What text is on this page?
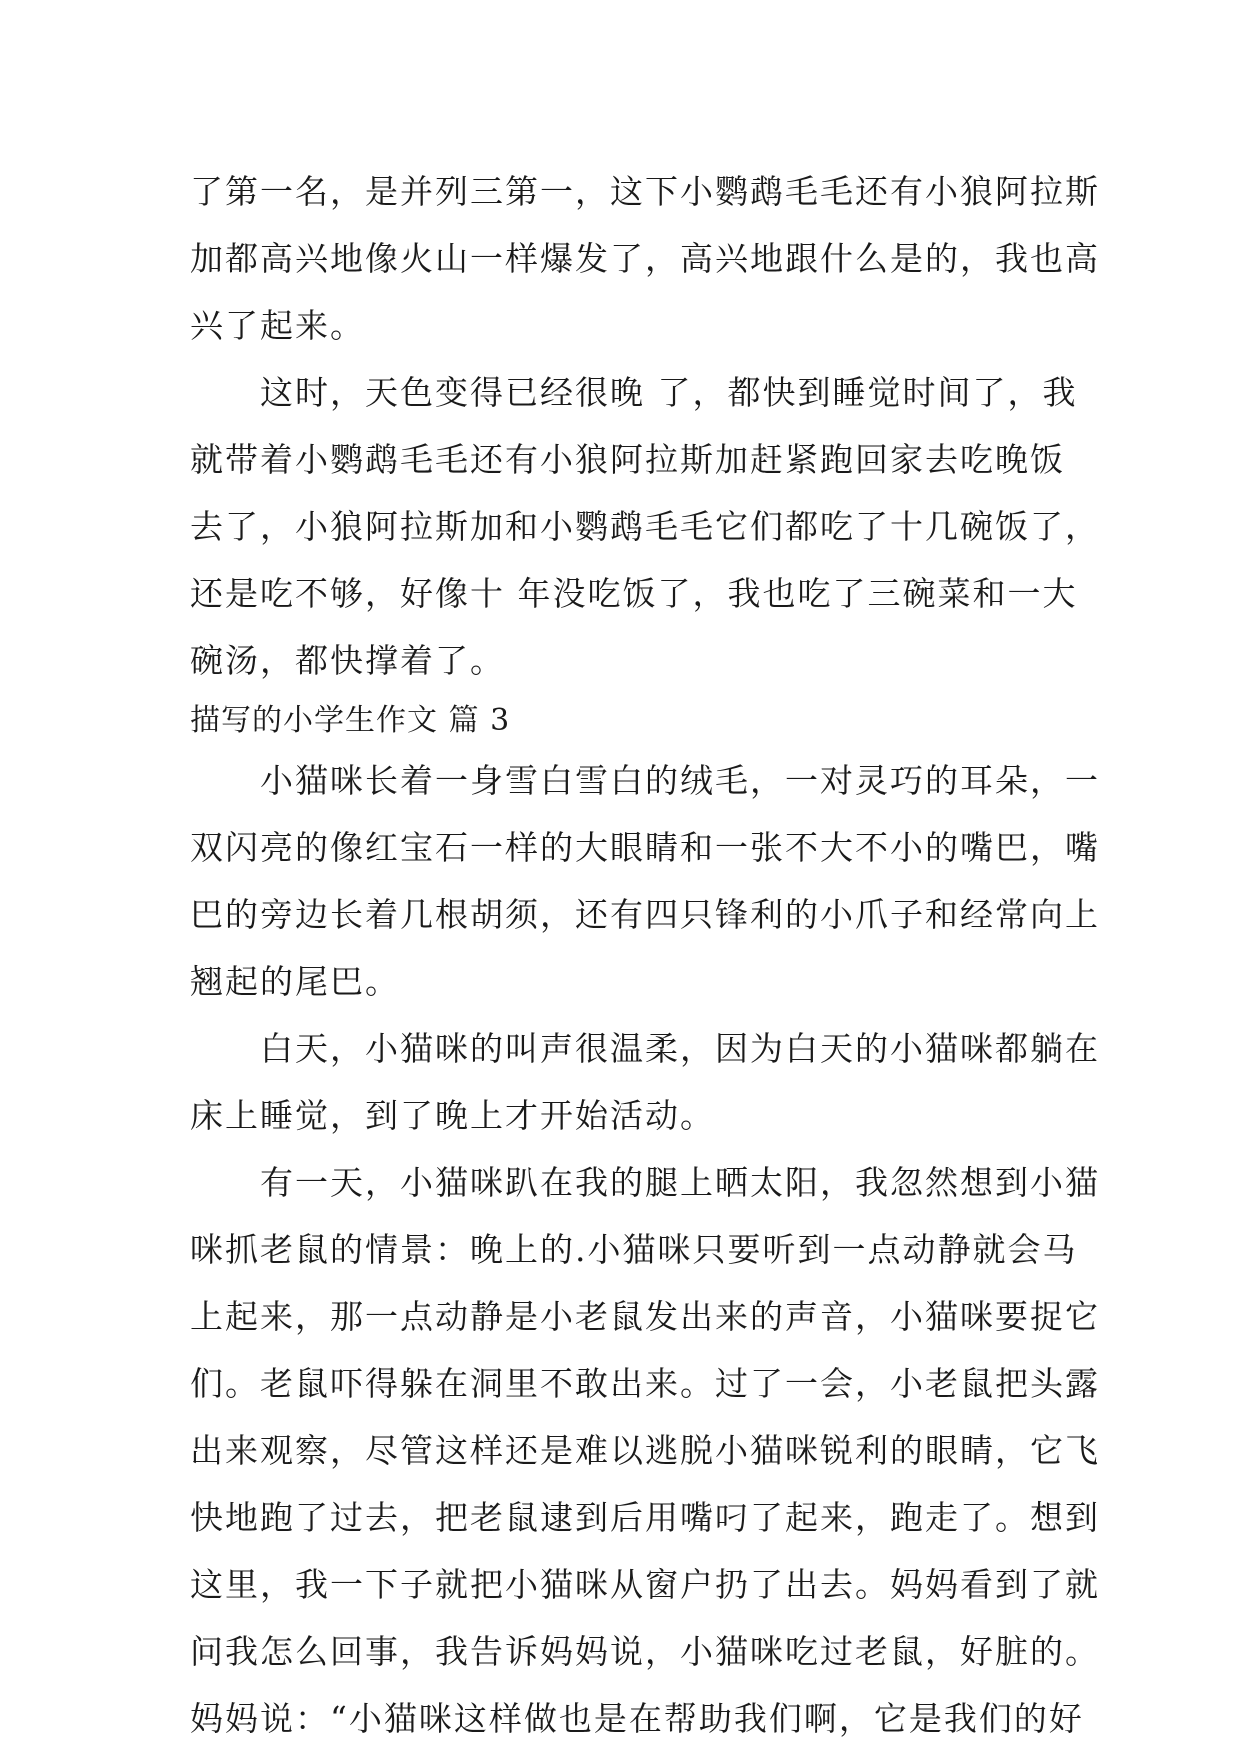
了第一名，是并列三第一，这下小鹦鹉毛毛还有小狼阿拉斯
加都高兴地像火山一样爆发了，高兴地跟什么是的，我也高
兴了起来。
这时，天色变得已经很晚 了，都快到睡觉时间了，我
就带着小鹦鹉毛毛还有小狼阿拉斯加赶紧跑回家去吃晚饭
去了，小狼阿拉斯加和小鹦鹉毛毛它们都吃了十几碗饭了，
还是吃不够，好像十 年没吃饭了，我也吃了三碗菜和一大
碗汤，都快撑着了。
描写的小学生作文 篇 3
小猫咪长着一身雪白雪白的绒毛，一对灵巧的耳朵，一
双闪亮的像红宝石一样的大眼睛和一张不大不小的嘴巴，嘴
巴的旁边长着几根胡须，还有四只锋利的小爪子和经常向上
翘起的尾巴。
白天，小猫咪的叫声很温柔，因为白天的小猫咪都躺在
床上睡觉，到了晚上才开始活动。
有一天，小猫咪趴在我的腿上晒太阳，我忽然想到小猫
咪抓老鼠的情景：晚上的.小猫咪只要听到一点动静就会马
上起来，那一点动静是小老鼠发出来的声音，小猫咪要捉它
们。老鼠吓得躲在洞里不敢出来。过了一会，小老鼠把头露
出来观察，尽管这样还是难以逃脱小猫咪锐利的眼睛，它飞
快地跑了过去，把老鼠逮到后用嘴叼了起来，跑走了。想到
这里，我一下子就把小猫咪从窗户扔了出去。妈妈看到了就
问我怎么回事，我告诉妈妈说，小猫咪吃过老鼠，好脏的。
妈妈说：“小猫咪这样做也是在帮助我们啊，它是我们的好
